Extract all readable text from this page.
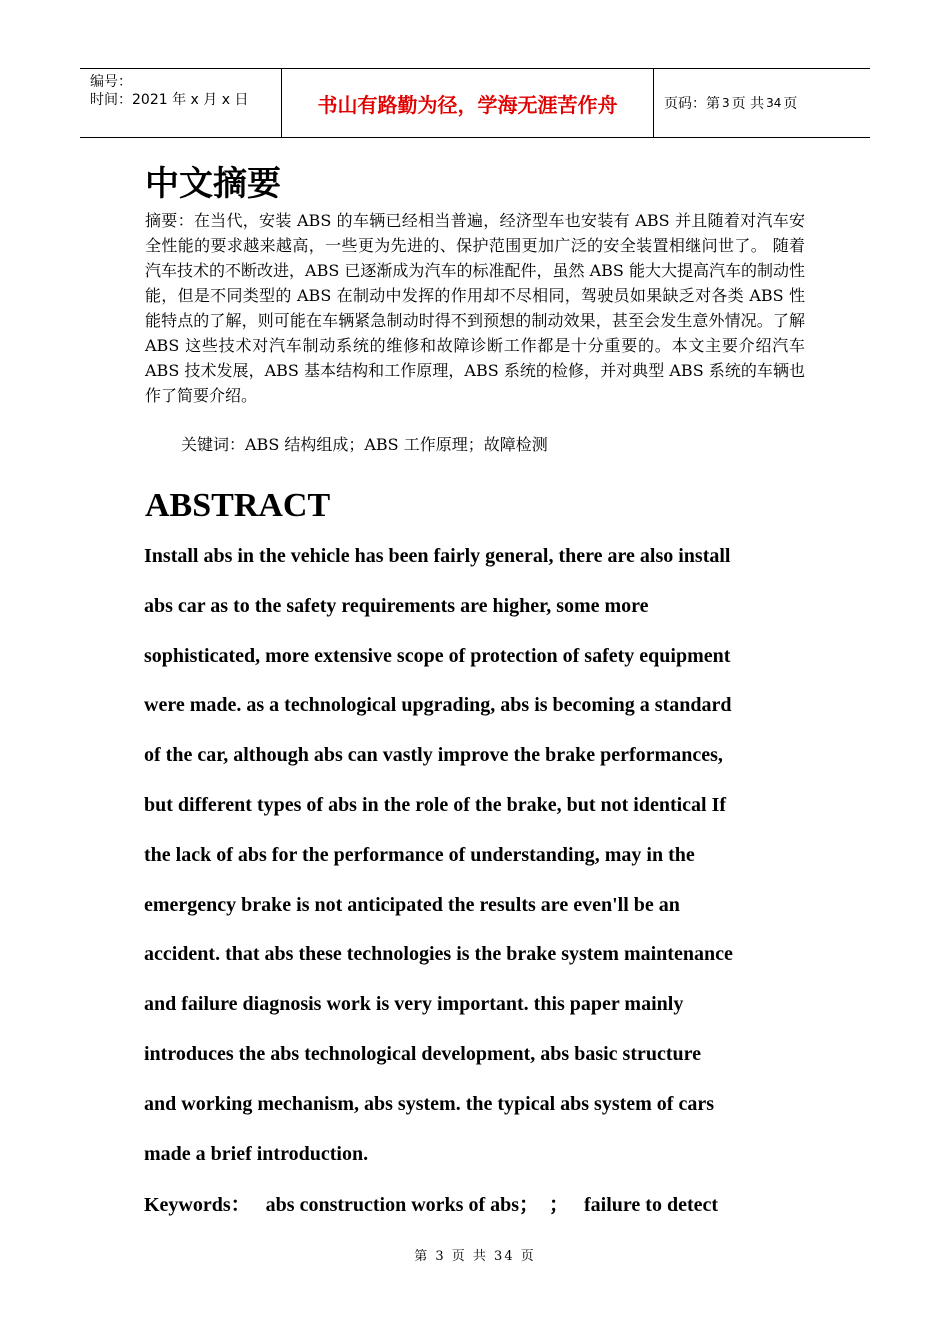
编号：
时间：2021 年 x 月 x 日	书山有路勤为径，学海无涯苦作舟	页码：第 3 页 共 34 页
中文摘要

摘要：在当代，安装 ABS 的车辆已经相当普遍，经济型车也安装有 ABS 并且随着对汽车安全性能的要求越来越高，一些更为先进的、保护范围更加广泛的安全装置相继问世了。 随着汽车技术的不断改进，ABS 已逐渐成为汽车的标准配件，虽然 ABS 能大大提高汽车的制动性能，但是不同类型的 ABS 在制动中发挥的作用却不尽相同，驾驶员如果缺乏对各类 ABS 性能特点的了解，则可能在车辆紧急制动时得不到预想的制动效果，甚至会发生意外情况。了解 ABS 这些技术对汽车制动系统的维修和故障诊断工作都是十分重要的。本文主要介绍汽车 ABS 技术发展，ABS 基本结构和工作原理，ABS 系统的检修，并对典型 ABS 系统的车辆也作了简要介绍。

关键词：ABS 结构组成；ABS 工作原理；故障检测

ABSTRACT
Install abs in the vehicle has been fairly general, there are also install
abs car as to the safety requirements are higher, some more
sophisticated, more extensive scope of protection of safety equipment
were made. as a technological upgrading, abs is becoming a standard
of the car, although abs can vastly improve the brake performances,
but different types of abs in the role of the brake, but not identical If
the lack of abs for the performance of understanding, may in the
emergency brake is not anticipated the results are even'll be an
accident. that abs these technologies is the brake system maintenance
and failure diagnosis work is very important. this paper mainly
introduces the abs technological development, abs basic structure
and working mechanism, abs system. the typical abs system of cars
made a brief introduction.

Keywords：   abs construction works of abs；  ；   failure to detect

第 3 页 共 34 页
